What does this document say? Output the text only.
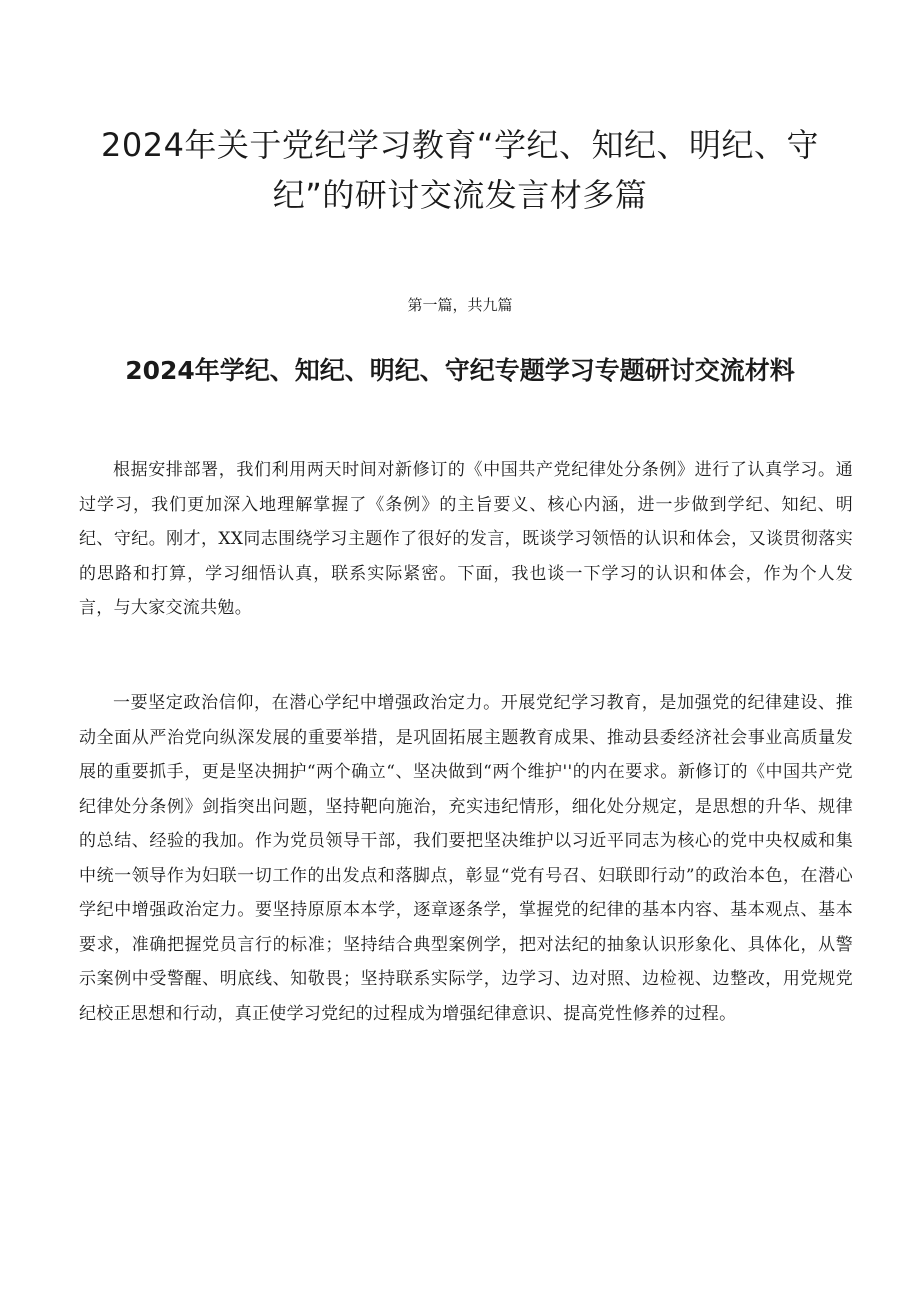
2024年关于党纪学习教育“学纪、知纪、明纪、守纪”的研讨交流发言材多篇

第一篇，共九篇

2024年学纪、知纪、明纪、守纪专题学习专题研讨交流材料

根据安排部署，我们利用两天时间对新修订的《中国共产党纪律处分条例》进行了认真学习。通过学习，我们更加深入地理解掌握了《条例》的主旨要义、核心内涵，进一步做到学纪、知纪、明纪、守纪。刚才，XX同志围绕学习主题作了很好的发言，既谈学习领悟的认识和体会，又谈贯彻落实的思路和打算，学习细悟认真，联系实际紧密。下面，我也谈一下学习的认识和体会，作为个人发言，与大家交流共勉。

一要坚定政治信仰，在潜心学纪中增强政治定力。开展党纪学习教育，是加强党的纪律建设、推动全面从严治党向纵深发展的重要举措，是巩固拓展主题教育成果、推动县委经济社会事业高质量发展的重要抓手，更是坚决拥护“两个确立“、坚决做到“两个维护''的内在要求。新修订的《中国共产党纪律处分条例》剑指突出问题，坚持靶向施治，充实违纪情形，细化处分规定，是思想的升华、规律的总结、经验的我加。作为党员领导干部，我们要把坚决维护以习近平同志为核心的党中央权威和集中统一领导作为妇联一切工作的出发点和落脚点，彰显“党有号召、妇联即行动”的政治本色，在潜心学纪中增强政治定力。要坚持原原本本学，逐章逐条学，掌握党的纪律的基本内容、基本观点、基本要求，准确把握党员言行的标准；坚持结合典型案例学，把对法纪的抽象认识形象化、具体化，从警示案例中受警醒、明底线、知敬畏；坚持联系实际学，边学习、边对照、边检视、边整改，用党规党纪校正思想和行动，真正使学习党纪的过程成为增强纪律意识、提高党性修养的过程。
